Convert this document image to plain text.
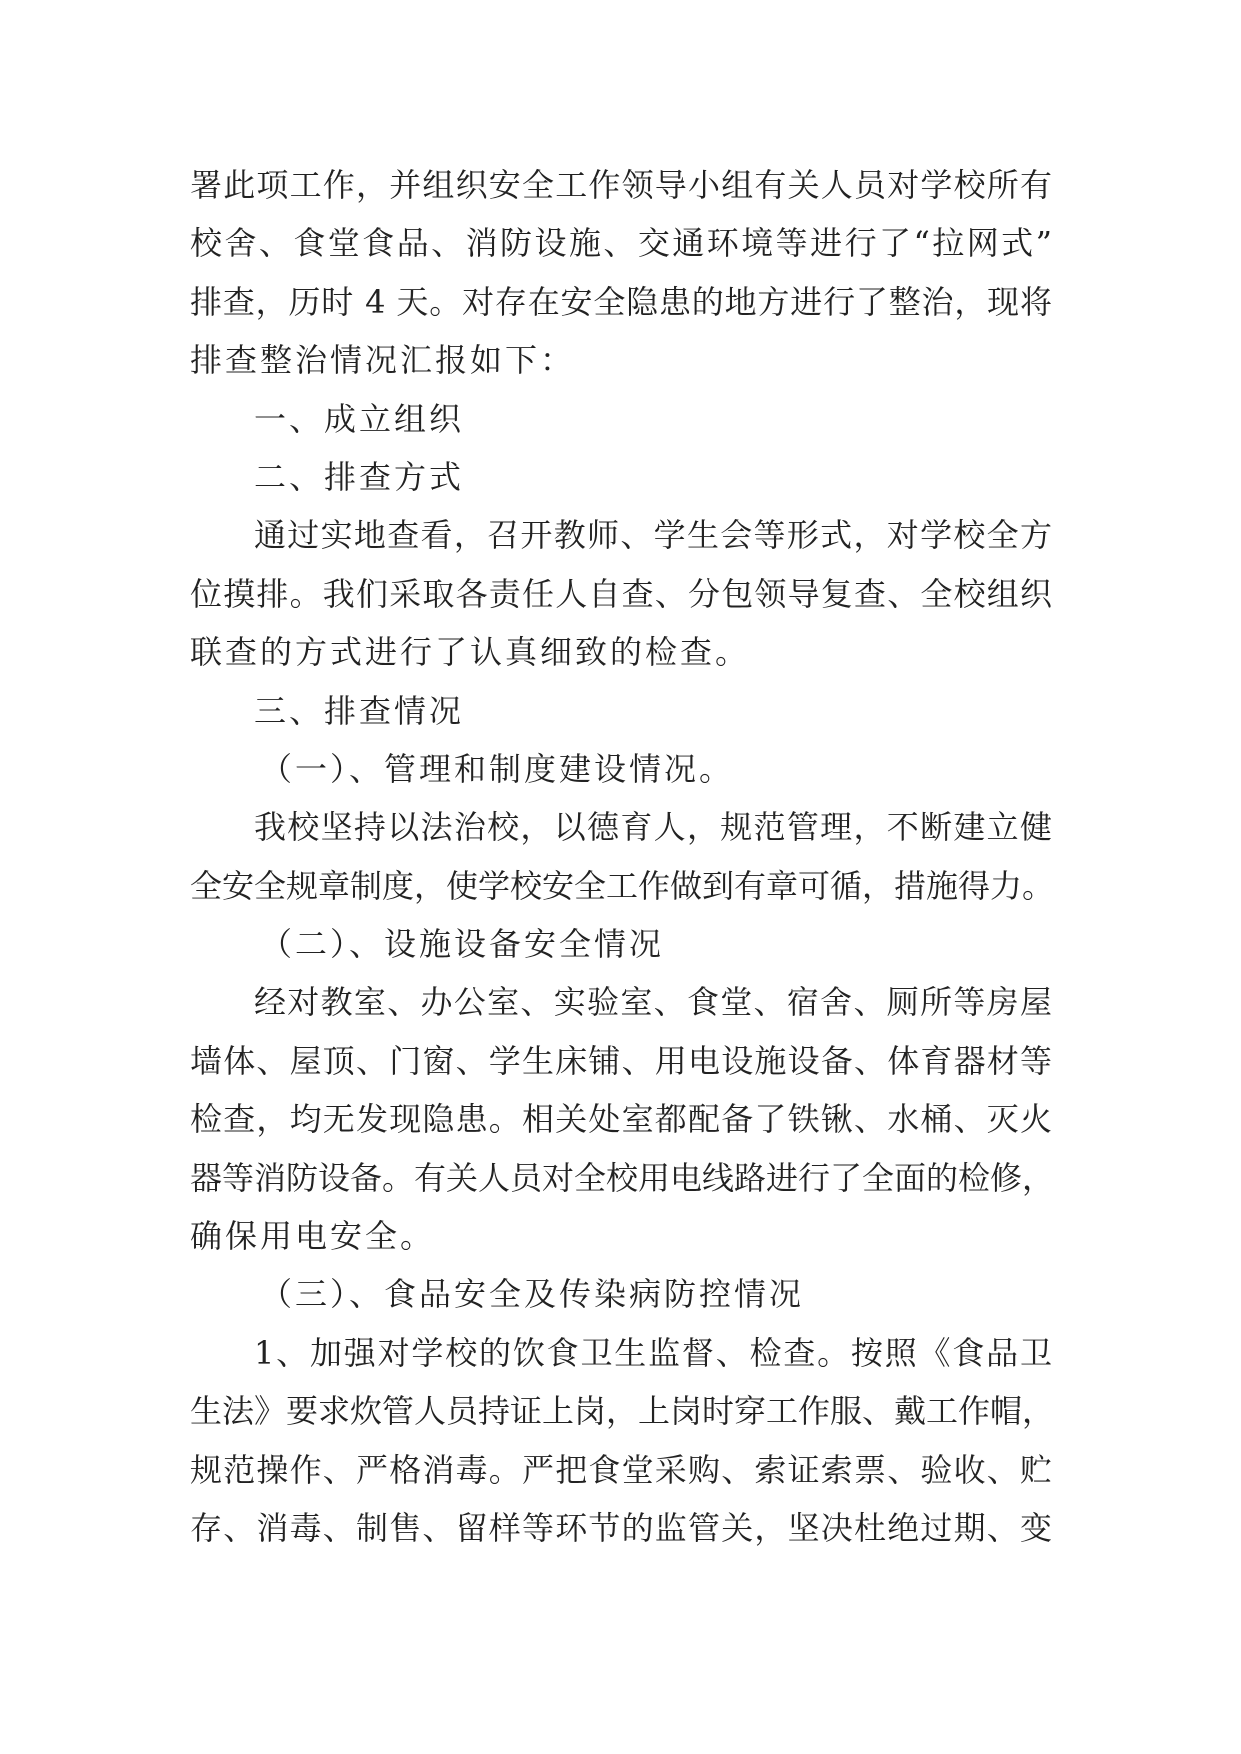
署此项工作，并组织安全工作领导小组有关人员对学校所有
校舍、食堂食品、消防设施、交通环境等进行了“拉网式”
排查，历时 4 天。对存在安全隐患的地方进行了整治，现将
排查整治情况汇报如下：
一、成立组织
二、排查方式
通过实地查看，召开教师、学生会等形式，对学校全方
位摸排。我们采取各责任人自查、分包领导复查、全校组织
联查的方式进行了认真细致的检查。
三、排查情况
（一）、管理和制度建设情况。
我校坚持以法治校，以德育人，规范管理，不断建立健
全安全规章制度，使学校安全工作做到有章可循，措施得力。
（二）、设施设备安全情况
经对教室、办公室、实验室、食堂、宿舍、厕所等房屋
墙体、屋顶、门窗、学生床铺、用电设施设备、体育器材等
检查，均无发现隐患。相关处室都配备了铁锹、水桶、灭火
器等消防设备。有关人员对全校用电线路进行了全面的检修，
确保用电安全。
（三）、食品安全及传染病防控情况
1、加强对学校的饮食卫生监督、检查。按照《食品卫
生法》要求炊管人员持证上岗，上岗时穿工作服、戴工作帽，
规范操作、严格消毒。严把食堂采购、索证索票、验收、贮
存、消毒、制售、留样等环节的监管关，坚决杜绝过期、变
